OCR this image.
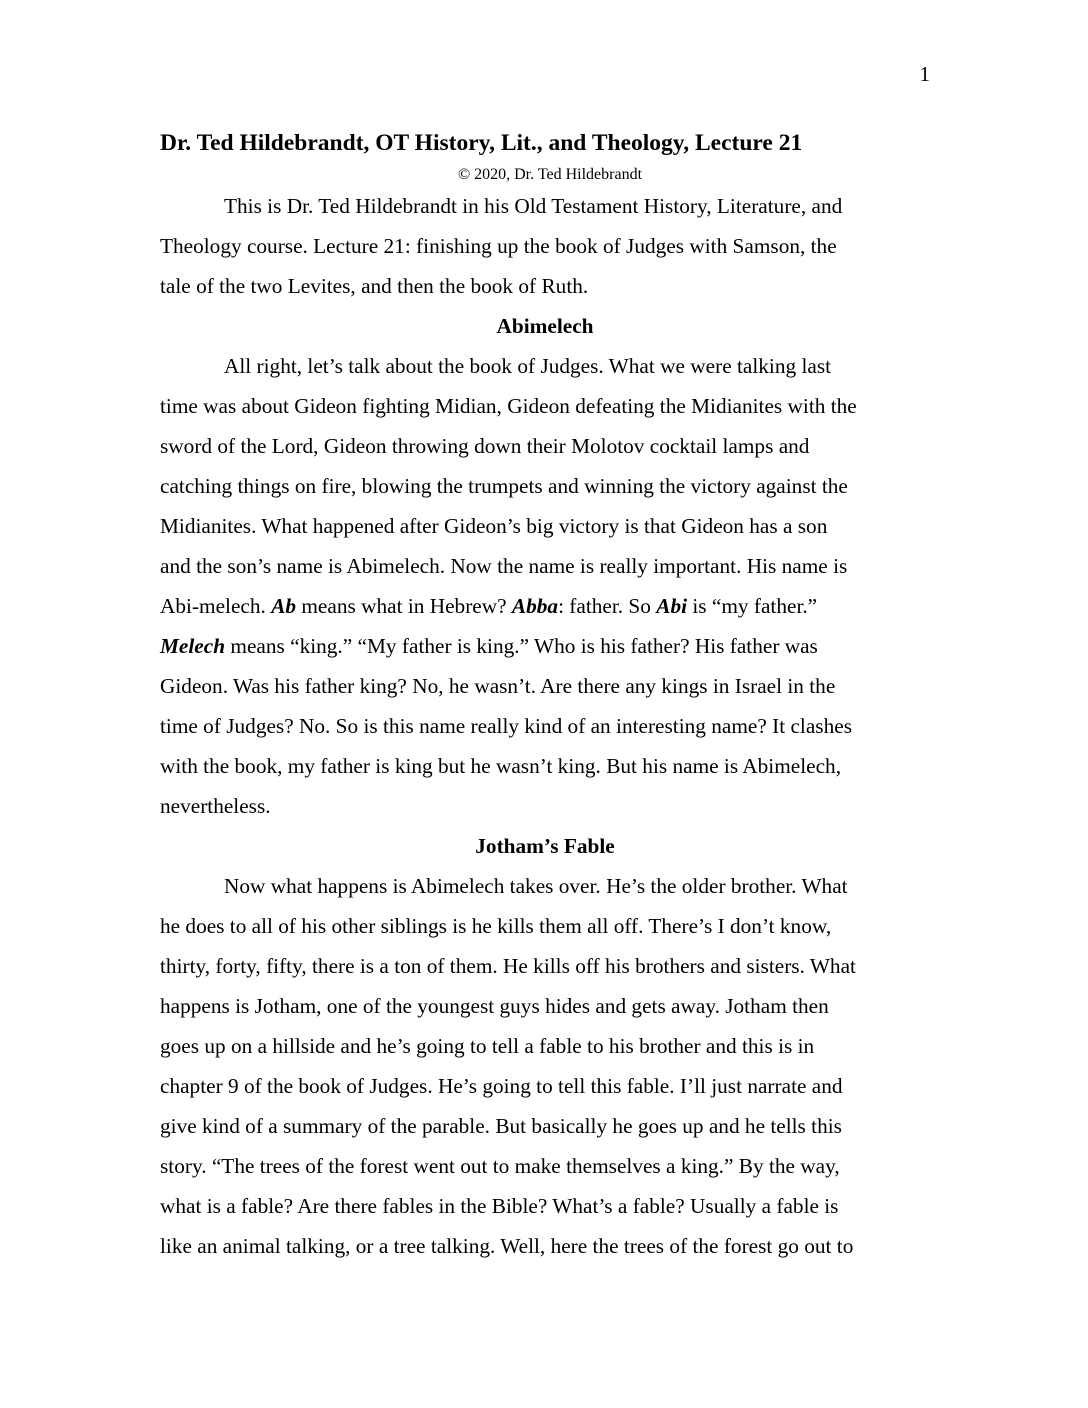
1
Dr. Ted Hildebrandt, OT History, Lit., and Theology, Lecture 21

© 2020, Dr. Ted Hildebrandt

This is Dr. Ted Hildebrandt in his Old Testament History, Literature, and
Theology course. Lecture 21: finishing up the book of Judges with Samson, the
tale of the two Levites, and then the book of Ruth.

Abimelech

All right, let’s talk about the book of Judges. What we were talking last
time was about Gideon fighting Midian, Gideon defeating the Midianites with the
sword of the Lord, Gideon throwing down their Molotov cocktail lamps and
catching things on fire, blowing the trumpets and winning the victory against the
Midianites. What happened after Gideon’s big victory is that Gideon has a son
and the son’s name is Abimelech. Now the name is really important. His name is
Abi-melech. Ab means what in Hebrew? Abba: father. So Abi is “my father.”
Melech means “king.” “My father is king.” Who is his father? His father was
Gideon. Was his father king? No, he wasn’t. Are there any kings in Israel in the
time of Judges? No. So is this name really kind of an interesting name? It clashes
with the book, my father is king but he wasn’t king. But his name is Abimelech,
nevertheless.

Jotham’s Fable

Now what happens is Abimelech takes over. He’s the older brother. What
he does to all of his other siblings is he kills them all off. There’s I don’t know,
thirty, forty, fifty, there is a ton of them. He kills off his brothers and sisters. What
happens is Jotham, one of the youngest guys hides and gets away. Jotham then
goes up on a hillside and he’s going to tell a fable to his brother and this is in
chapter 9 of the book of Judges. He’s going to tell this fable. I’ll just narrate and
give kind of a summary of the parable. But basically he goes up and he tells this
story. “The trees of the forest went out to make themselves a king.” By the way,
what is a fable? Are there fables in the Bible? What’s a fable? Usually a fable is
like an animal talking, or a tree talking. Well, here the trees of the forest go out to
